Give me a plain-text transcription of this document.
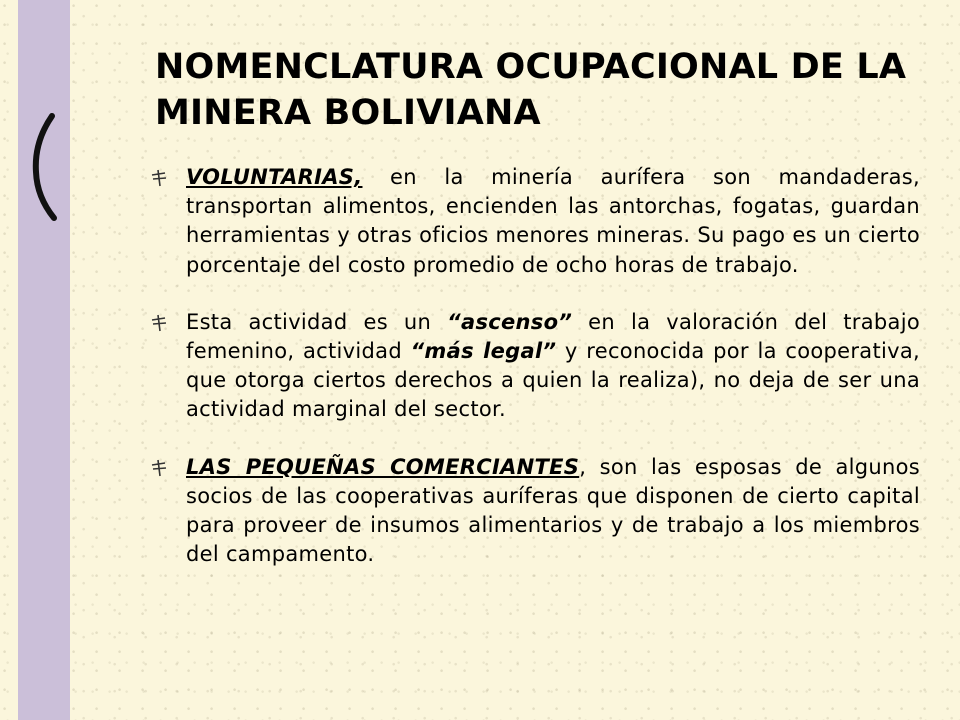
NOMENCLATURA OCUPACIONAL DE LA MINERA BOLIVIANA
VOLUNTARIAS, en la minería aurífera son mandaderas, transportan alimentos, encienden las antorchas, fogatas, guardan herramientas y otras oficios menores mineras. Su pago es un cierto porcentaje del costo promedio de ocho horas de trabajo.
Esta actividad es un “ascenso” en la valoración del trabajo femenino, actividad “más legal” y reconocida por la cooperativa, que otorga ciertos derechos a quien la realiza), no deja de ser una actividad marginal del sector.
LAS PEQUEÑAS COMERCIANTES, son las esposas de algunos socios de las cooperativas auríferas que disponen de cierto capital para proveer de insumos alimentarios y de trabajo a los miembros del campamento.
